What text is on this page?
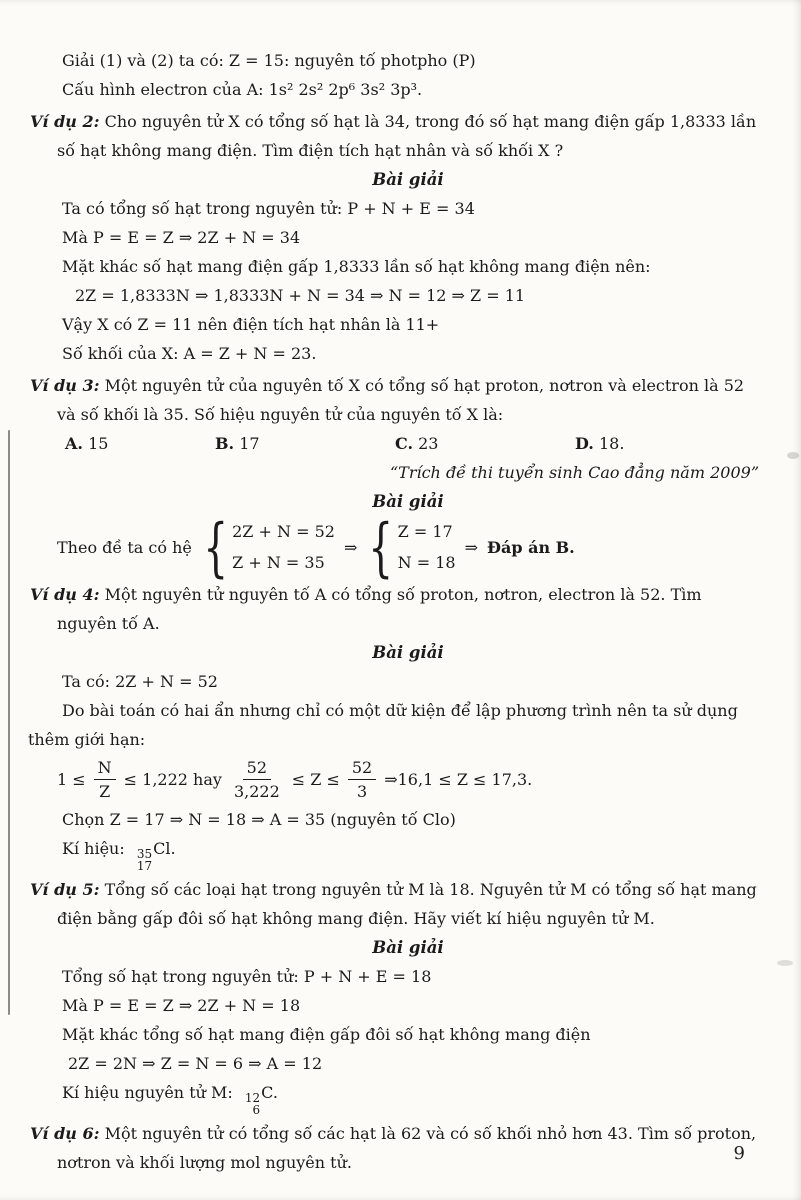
Giải (1) và (2) ta có: Z = 15: nguyên tố photpho (P)

Cấu hình electron của A: 1s² 2s² 2p⁶ 3s² 3p³.

Ví dụ 2: Cho nguyên tử X có tổng số hạt là 34, trong đó số hạt mang điện gấp 1,8333 lần số hạt không mang điện. Tìm điện tích hạt nhân và số khối X ?

Bài giải

Ta có tổng số hạt trong nguyên tử: P + N + E = 34

Mà P = E = Z ⇒ 2Z + N = 34

Mặt khác số hạt mang điện gấp 1,8333 lần số hạt không mang điện nên:

2Z = 1,8333N ⇒ 1,8333N + N = 34 ⇒ N = 12 ⇒ Z = 11

Vậy X có Z = 11 nên điện tích hạt nhân là 11+

Số khối của X: A = Z + N = 23.

Ví dụ 3: Một nguyên tử của nguyên tố X có tổng số hạt proton, nơtron và electron là 52 và số khối là 35. Số hiệu nguyên tử của nguyên tố X là:

A. 15	B. 17	C. 23	D. 18.

“Trích đề thi tuyển sinh Cao đẳng năm 2009”

Bài giải

Theo đề ta có hệ { 2Z + N = 52
Z + N = 35
⇒ { Z = 17
N = 18
⇒ Đáp án B.

Ví dụ 4: Một nguyên tử nguyên tố A có tổng số proton, nơtron, electron là 52. Tìm nguyên tố A.

Bài giải

Ta có: 2Z + N = 52

Do bài toán có hai ẩn nhưng chỉ có một dữ kiện để lập phương trình nên ta sử dụng thêm giới hạn:

$1 \le \frac{N}{Z} \le 1,222$ hay $\frac{52}{3,222} \le Z \le \frac{52}{3}$ ⇒16,1 ≤ Z ≤ 17,3.

Chọn Z = 17 ⇒ N = 18 ⇒ A = 35 (nguyên tố Clo)

Kí hiệu:	35
17
Cl.

Ví dụ 5: Tổng số các loại hạt trong nguyên tử M là 18. Nguyên tử M có tổng số hạt mang điện bằng gấp đôi số hạt không mang điện. Hãy viết kí hiệu nguyên tử M.

Bài giải

Tổng số hạt trong nguyên tử: P + N + E = 18

Mà P = E = Z ⇒ 2Z + N = 18

Mặt khác tổng số hạt mang điện gấp đôi số hạt không mang điện

2Z = 2N ⇒ Z = N = 6 ⇒ A = 12

Kí hiệu nguyên tử M:	12
6
C.

Ví dụ 6: Một nguyên tử có tổng số các hạt là 62 và có số khối nhỏ hơn 43. Tìm số proton, nơtron và khối lượng mol nguyên tử.	9
